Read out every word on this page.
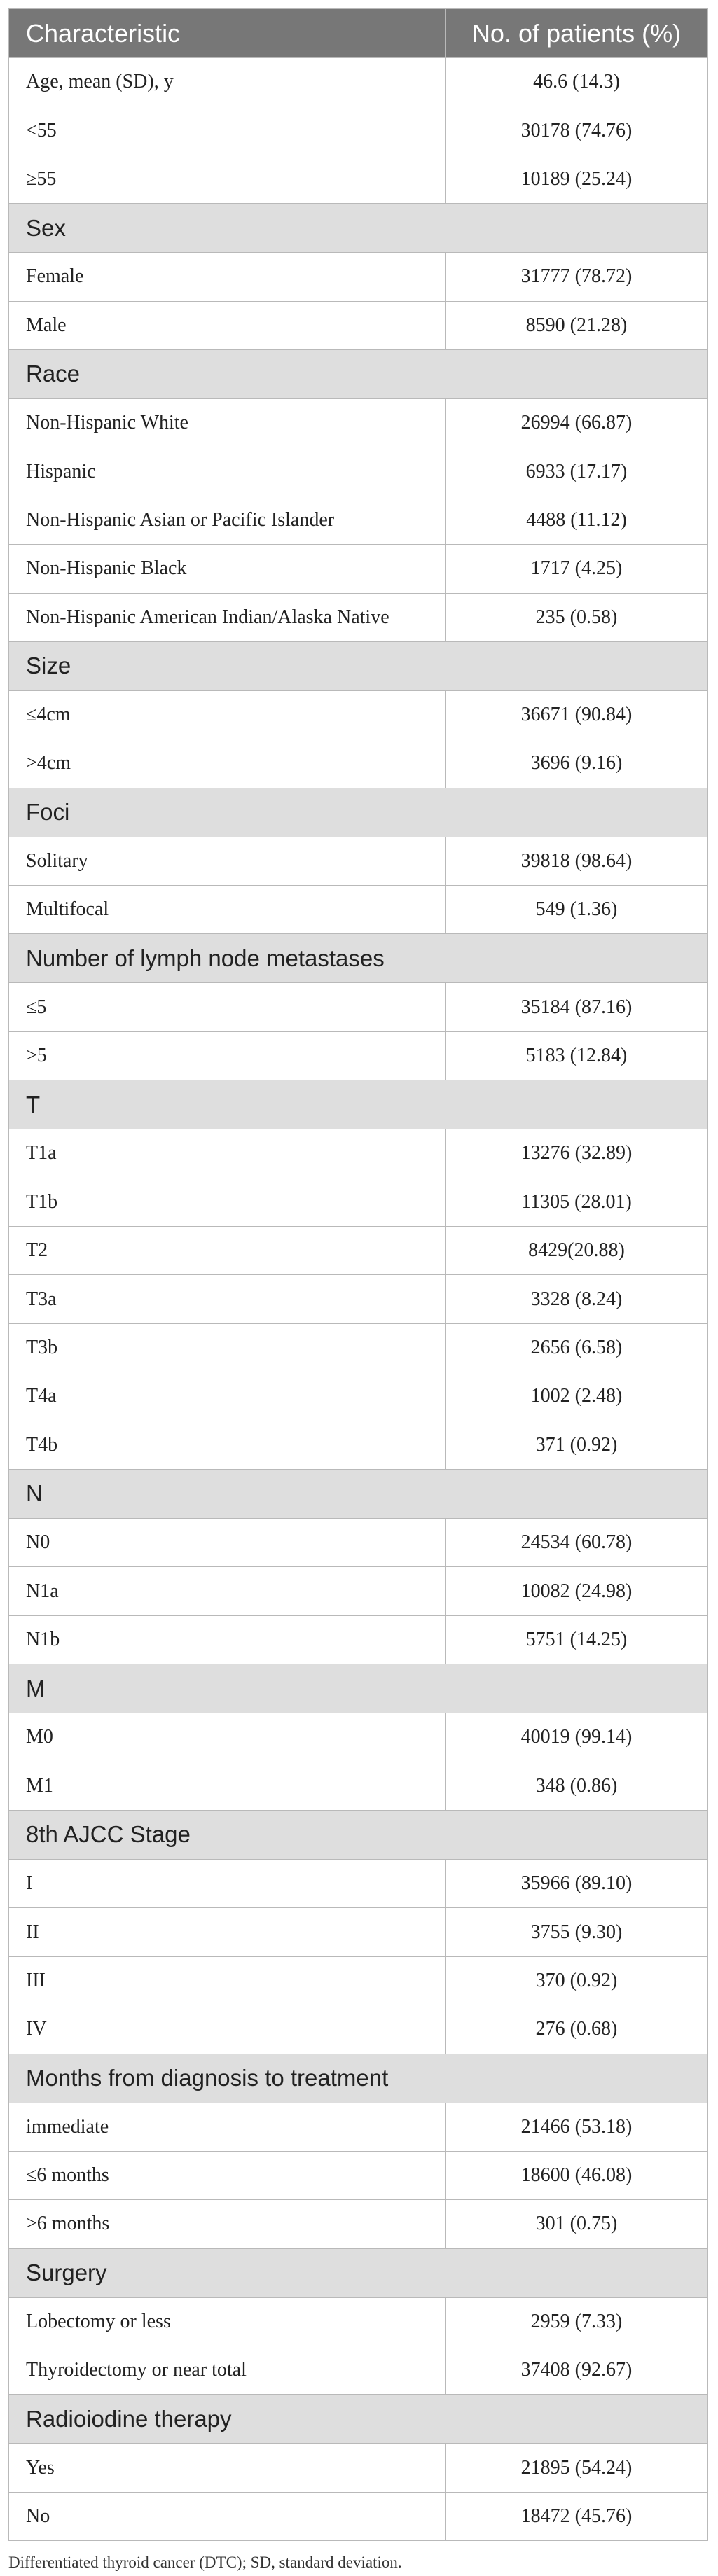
Characteristic	No. of patients (%)
Age, mean (SD), y	46.6 (14.3)
<55	30178 (74.76)
≥55	10189 (25.24)
Sex	
Female	31777 (78.72)
Male	8590 (21.28)
Race	
Non-Hispanic White	26994 (66.87)
Hispanic	6933 (17.17)
Non-Hispanic Asian or Pacific Islander	4488 (11.12)
Non-Hispanic Black	1717 (4.25)
Non-Hispanic American Indian/Alaska Native	235 (0.58)
Size	
≤4cm	36671 (90.84)
>4cm	3696 (9.16)
Foci	
Solitary	39818 (98.64)
Multifocal	549 (1.36)
Number of lymph node metastases	
≤5	35184 (87.16)
>5	5183 (12.84)
T	
T1a	13276 (32.89)
T1b	11305 (28.01)
T2	8429(20.88)
T3a	3328 (8.24)
T3b	2656 (6.58)
T4a	1002 (2.48)
T4b	371 (0.92)
N	
N0	24534 (60.78)
N1a	10082 (24.98)
N1b	5751 (14.25)
M	
M0	40019 (99.14)
M1	348 (0.86)
8th AJCC Stage	
I	35966 (89.10)
II	3755 (9.30)
III	370 (0.92)
IV	276 (0.68)
Months from diagnosis to treatment	
immediate	21466 (53.18)
≤6 months	18600 (46.08)
>6 months	301 (0.75)
Surgery	
Lobectomy or less	2959 (7.33)
Thyroidectomy or near total	37408 (92.67)
Radioiodine therapy	
Yes	21895 (54.24)
No	18472 (45.76)
Differentiated thyroid cancer (DTC); SD, standard deviation.
